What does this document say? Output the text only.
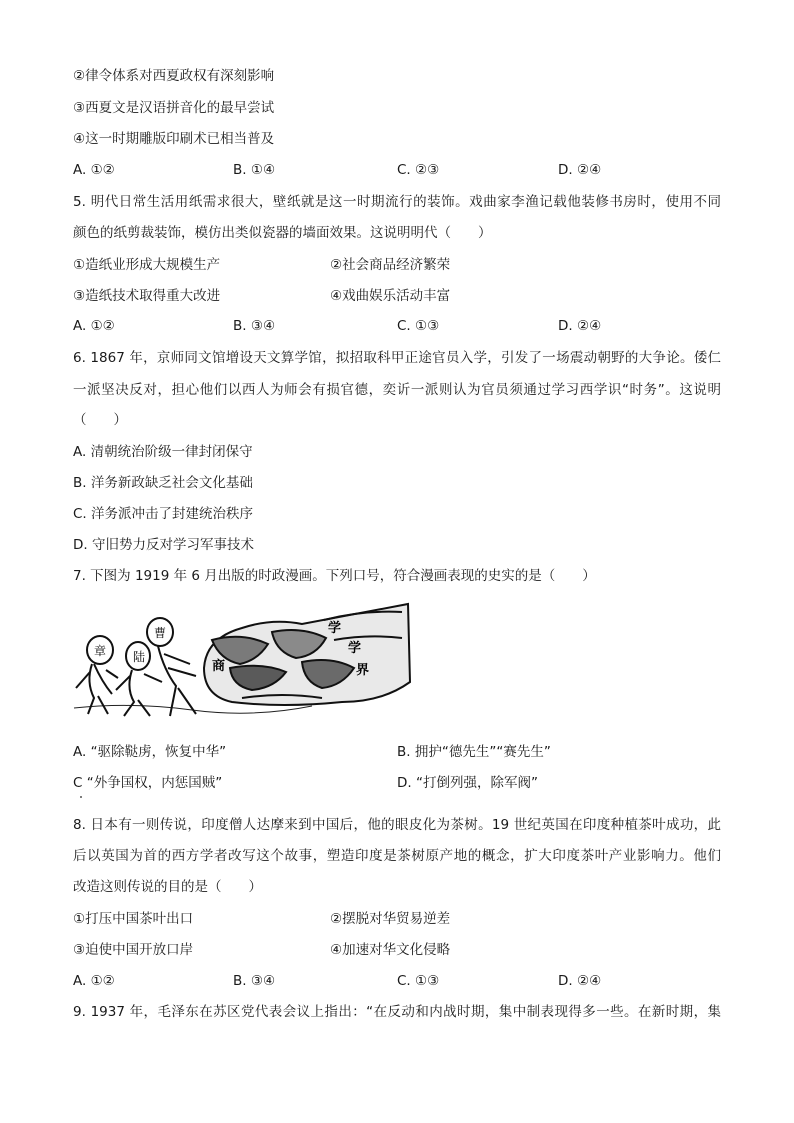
②律令体系对西夏政权有深刻影响
③西夏文是汉语拼音化的最早尝试
④这一时期雕版印刷术已相当普及
A. ①②	B. ①④	C. ②③	D. ②④
5. 明代日常生活用纸需求很大，壁纸就是这一时期流行的装饰。戏曲家李渔记载他装修书房时，使用不同
颜色的纸剪裁装饰，模仿出类似瓷器的墙面效果。这说明明代（　　）
①造纸业形成大规模生产	②社会商品经济繁荣
③造纸技术取得重大改进	④戏曲娱乐活动丰富
A. ①②	B. ③④	C. ①③	D. ②④
6. 1867 年，京师同文馆增设天文算学馆，拟招取科甲正途官员入学，引发了一场震动朝野的大争论。倭仁
一派坚决反对，担心他们以西人为师会有损官德，奕䜣一派则认为官员须通过学习西学识“时务”。这说明
（　　）
A. 清朝统治阶级一律封闭保守
B. 洋务新政缺乏社会文化基础
C. 洋务派冲击了封建统治秩序
D. 守旧势力反对学习军事技术
7. 下图为 1919 年 6 月出版的时政漫画。下列口号，符合漫画表现的史实的是（　　）
章 陆
曹
商
学
学
界
A. “驱除鞑虏，恢复中华”	B. 拥护“德先生”“赛先生”
C “外争国权，内惩国贼”	D. “打倒列强，除军阀”
8. 日本有一则传说，印度僧人达摩来到中国后，他的眼皮化为茶树。19 世纪英国在印度种植茶叶成功，此
后以英国为首的西方学者改写这个故事，塑造印度是茶树原产地的概念，扩大印度茶叶产业影响力。他们
改造这则传说的目的是（　　）
①打压中国茶叶出口	②摆脱对华贸易逆差
③迫使中国开放口岸	④加速对华文化侵略
A. ①②	B. ③④	C. ①③	D. ②④
9. 1937 年，毛泽东在苏区党代表会议上指出：“在反动和内战时期，集中制表现得多一些。在新时期，集
